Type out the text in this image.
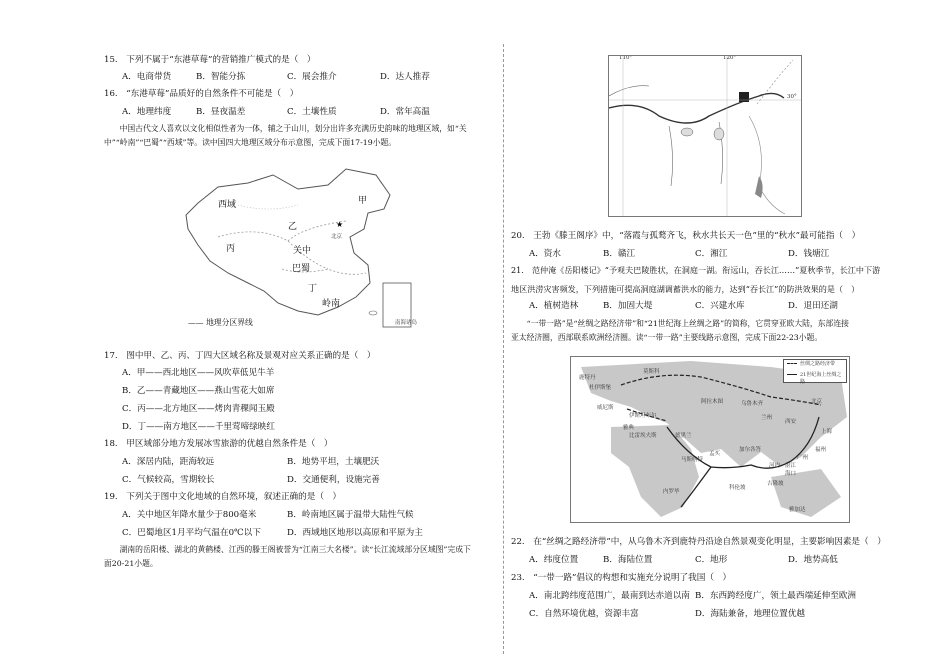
15.　下列不属于“东港草莓”的营销推广模式的是（　）
A．电商带货	B．智能分拣	C．展会推介	D．达人推荐
16.　“东港草莓”品质好的自然条件不可能是（　）
A．地理纬度	B．昼夜温差	C．土壤性质	D．常年高温
中国古代文人喜欢以文化相似性者为一体，辅之于山川，划分出许多充满历史韵味的地理区域，如“关中”“岭南”“巴蜀”“西域”等。读中国四大地理区域分布示意图，完成下面17-19小题。
★
西域
乙
甲
丙	关中
巴蜀
丁
岭南
北京
南海诸岛
—— 地理分区界线
17.　图中甲、乙、丙、丁四大区域名称及景观对应关系正确的是（　）
A．甲——西北地区——风吹草低见牛羊
B．乙——青藏地区——燕山雪花大如席
C．丙——北方地区——烤肉青稞闻玉殿
D．丁——南方地区——千里莺啼绿映红
18.　甲区域部分地方发展冰雪旅游的优越自然条件是（　）
A．深居内陆，距海较远	B．地势平坦，土壤肥沃
C．气候较高，雪期较长	D．交通便利，设施完善
19.　下列关于图中文化地域的自然环境，叙述正确的是（　）
A．关中地区年降水量少于800毫米	B．岭南地区属于温带大陆性气候
C．巴蜀地区1月平均气温在0℃以下	D．西域地区地形以高原和平原为主
湖南的岳阳楼、湖北的黄鹤楼、江西的滕王阁被誉为“江南三大名楼”。读“长江流域部分区域图”完成下面20-21小题。
110°	120°
30°
20.　王勃《滕王阁序》中，“落霞与孤鹜齐飞，秋水共长天一色”里的“秋水”最可能指（　）
A．资水	B．赣江	C．湘江	D．钱塘江
21.　范仲淹《岳阳楼记》“予观夫巴陵胜状，在洞庭一湖。衔远山，吞长江……”夏秋季节，长江中下游
地区洪涝灾害频发，下列措施可提高洞庭湖调蓄洪水的能力，达到“吞长江”的防洪效果的是（　）
A．植树造林	B．加固大堤	C．兴建水库	D．退田还湖
“一带一路”是“丝绸之路经济带”和“21世纪海上丝绸之路”的简称，它贯穿亚欧大陆，东部连接亚太经济圈，西部联系欧洲经济圈。读“一带一路”主要线路示意图，完成下面22-23小题。
丝绸之路经济带
21世纪海上丝绸之路
鹿特丹
莫斯科
杜伊斯堡
威尼斯
伊斯坦布尔
雅典
阿拉木图
德黑兰
乌鲁木齐
兰州
西安
北京
上海
福州
广州
湛江
海口
河内
加尔各答
科伦坡
孟买
马斯喀特
内罗毕
吉隆坡
雅加达
比雷埃夫斯
22.　在“丝绸之路经济带”中，从乌鲁木齐到鹿特丹沿途自然景观变化明显，主要影响因素是（　）
A．纬度位置	B．海陆位置	C．地形	D．地势高低
23.　“一带一路”倡议的构想和实施充分说明了我国（　）
A．南北跨纬度范围广，最南到达赤道以南 B．东西跨经度广，领土最西端延伸至欧洲
C．自然环境优越，资源丰富	D．海陆兼备，地理位置优越
